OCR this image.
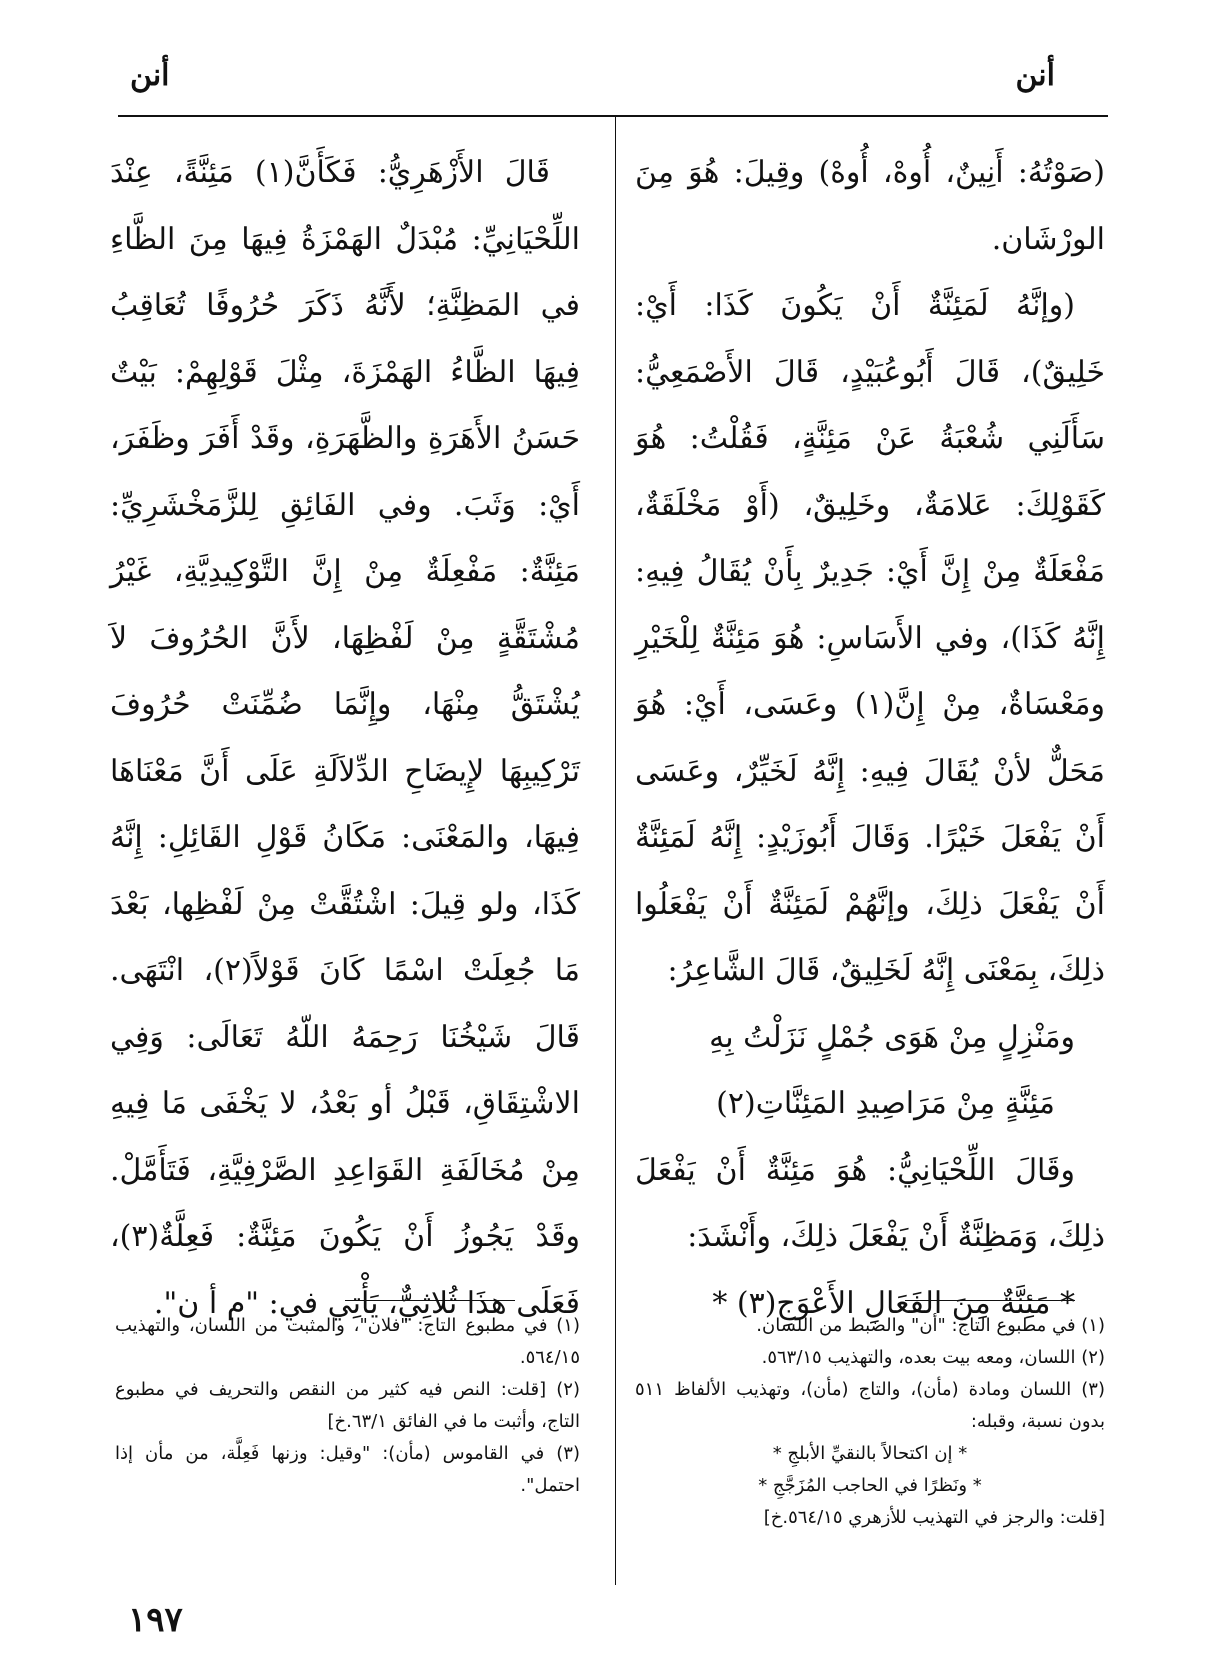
أنن
أنن

(صَوْتُهُ: أَنِينٌ، أُوهْ، أُوهْ) وقِيلَ: هُوَ مِنَ الورْشَان.

(وإنَّهُ لَمَئِنَّةٌ أَنْ يَكُونَ كَذَا: أَيْ: خَلِيقٌ)، قَالَ أَبُوعُبَيْدٍ، قَالَ الأَصْمَعِيُّ: سَأَلَنِي شُعْبَةُ عَنْ مَئِنَّةٍ، فَقُلْتُ: هُوَ كَقَوْلِكَ: عَلامَةٌ، وخَلِيقٌ، (أَوْ مَخْلَقَةٌ، مَفْعَلَةٌ مِنْ إِنَّ أَيْ: جَدِيرٌ بِأَنْ يُقَالُ فِيهِ: إِنَّهُ كَذَا)، وفي الأَسَاسِ: هُوَ مَئِنَّةٌ لِلْخَيْرِ ومَعْسَاةٌ، مِنْ إِنَّ(١) وعَسَى، أَيْ: هُوَ مَحَلٌّ لأنْ يُقَالَ فِيهِ: إِنَّهُ لَخَيِّرٌ، وعَسَى أَنْ يَفْعَلَ خَيْرًا. وَقَالَ أَبُوزَيْدٍ: إِنَّهُ لَمَئِنَّةٌ أَنْ يَفْعَلَ ذلِكَ، وإنَّهُمْ لَمَئِنَّةٌ أَنْ يَفْعَلُوا ذلِكَ، بِمَعْنَى إِنَّهُ لَخَلِيقٌ، قَالَ الشَّاعِرُ:

ومَنْزِلٍ مِنْ هَوَى جُمْلٍ نَزَلْتُ بِهِ

مَئِنَّةٍ مِنْ مَرَاصِيدِ المَئِنَّاتِ(٢)

وقَالَ اللِّحْيَانِيُّ: هُوَ مَئِنَّةٌ أَنْ يَفْعَلَ ذلِكَ، وَمَظِنَّةٌ أَنْ يَفْعَلَ ذلِكَ، وأَنْشَدَ:

* مَئِنَّةٌ مِنَ الفَعَالِ الأَعْوَجِ(٣) *

قَالَ الأَزْهَرِيُّ: فَكَأَنَّ(١) مَئِنَّةً، عِنْدَ اللِّحْيَانِيِّ: مُبْدَلٌ الهَمْزَةُ فِيهَا مِنَ الظَّاءِ في المَظِنَّةِ؛ لأَنَّهُ ذَكَرَ حُرُوفًا تُعَاقِبُ فِيهَا الظَّاءُ الهَمْزَةَ، مِثْلَ قَوْلِهِمْ: بَيْتٌ حَسَنُ الأَهَرَةِ والظَّهَرَةِ، وقَدْ أَفَرَ وظَفَرَ، أَيْ: وَثَبَ. وفي الفَائِقِ لِلزَّمَخْشَرِيِّ: مَئِنَّةٌ: مَفْعِلَةٌ مِنْ إِنَّ التَّوْكِيدِيَّةِ، غَيْرُ مُشْتَقَّةٍ مِنْ لَفْظِهَا، لأَنَّ الحُرُوفَ لاَ يُشْتَقُّ مِنْهَا، وإِنَّمَا ضُمِّنَتْ حُرُوفَ تَرْكِيبِهَا لإِيضَاحِ الدِّلاَلَةِ عَلَى أَنَّ مَعْنَاهَا فِيهَا، والمَعْنَى: مَكَانُ قَوْلِ القَائِلِ: إِنَّهُ كَذَا، ولو قِيلَ: اشْتُقَّتْ مِنْ لَفْظِها، بَعْدَ مَا جُعِلَتْ اسْمًا كَانَ قَوْلاً(٢)، انْتَهَى. قَالَ شَيْخُنَا رَحِمَهُ اللّهُ تَعَالَى: وَفِي الاشْتِقَاقِ، قَبْلُ أو بَعْدُ، لا يَخْفَى مَا فِيهِ مِنْ مُخَالَفَةِ القَوَاعِدِ الصَّرْفِيَّةِ، فَتَأَمَّلْ. وقَدْ يَجُوزُ أَنْ يَكُونَ مَئِنَّةٌ: فَعِلَّةٌ(٣)، فَعَلَى هذَا ثُلاثِيٌّ، يَأْتِي في: "م أ ن".

(١) في مطبوع التاج: "أن" والضبط من اللسان.

(٢) اللسان، ومعه بيت بعده، والتهذيب ٥٦٣/١٥.

(٣) اللسان ومادة (مأن)، والتاج (مأن)، وتهذيب الألفاظ ٥١١ بدون نسبة، وقبله:

* إن اكتحالاً بالنقيِّ الأبلجِ *

* ونَظرًا في الحاجب المُزَجَّجِ *

[قلت: والرجز في التهذيب للأزهري ٥٦٤/١٥.خ]

(١) في مطبوع التاج: "فلان"، والمثبت من اللسان، والتهذيب ٥٦٤/١٥.

(٢) [قلت: النص فيه كثير من النقص والتحريف في مطبوع التاج، وأثبت ما في الفائق ٦٣/١.خ]

(٣) في القاموس (مأن): "وقيل: وزنها فَعِلَّة، من مأن إذا احتمل".

١٩٧
